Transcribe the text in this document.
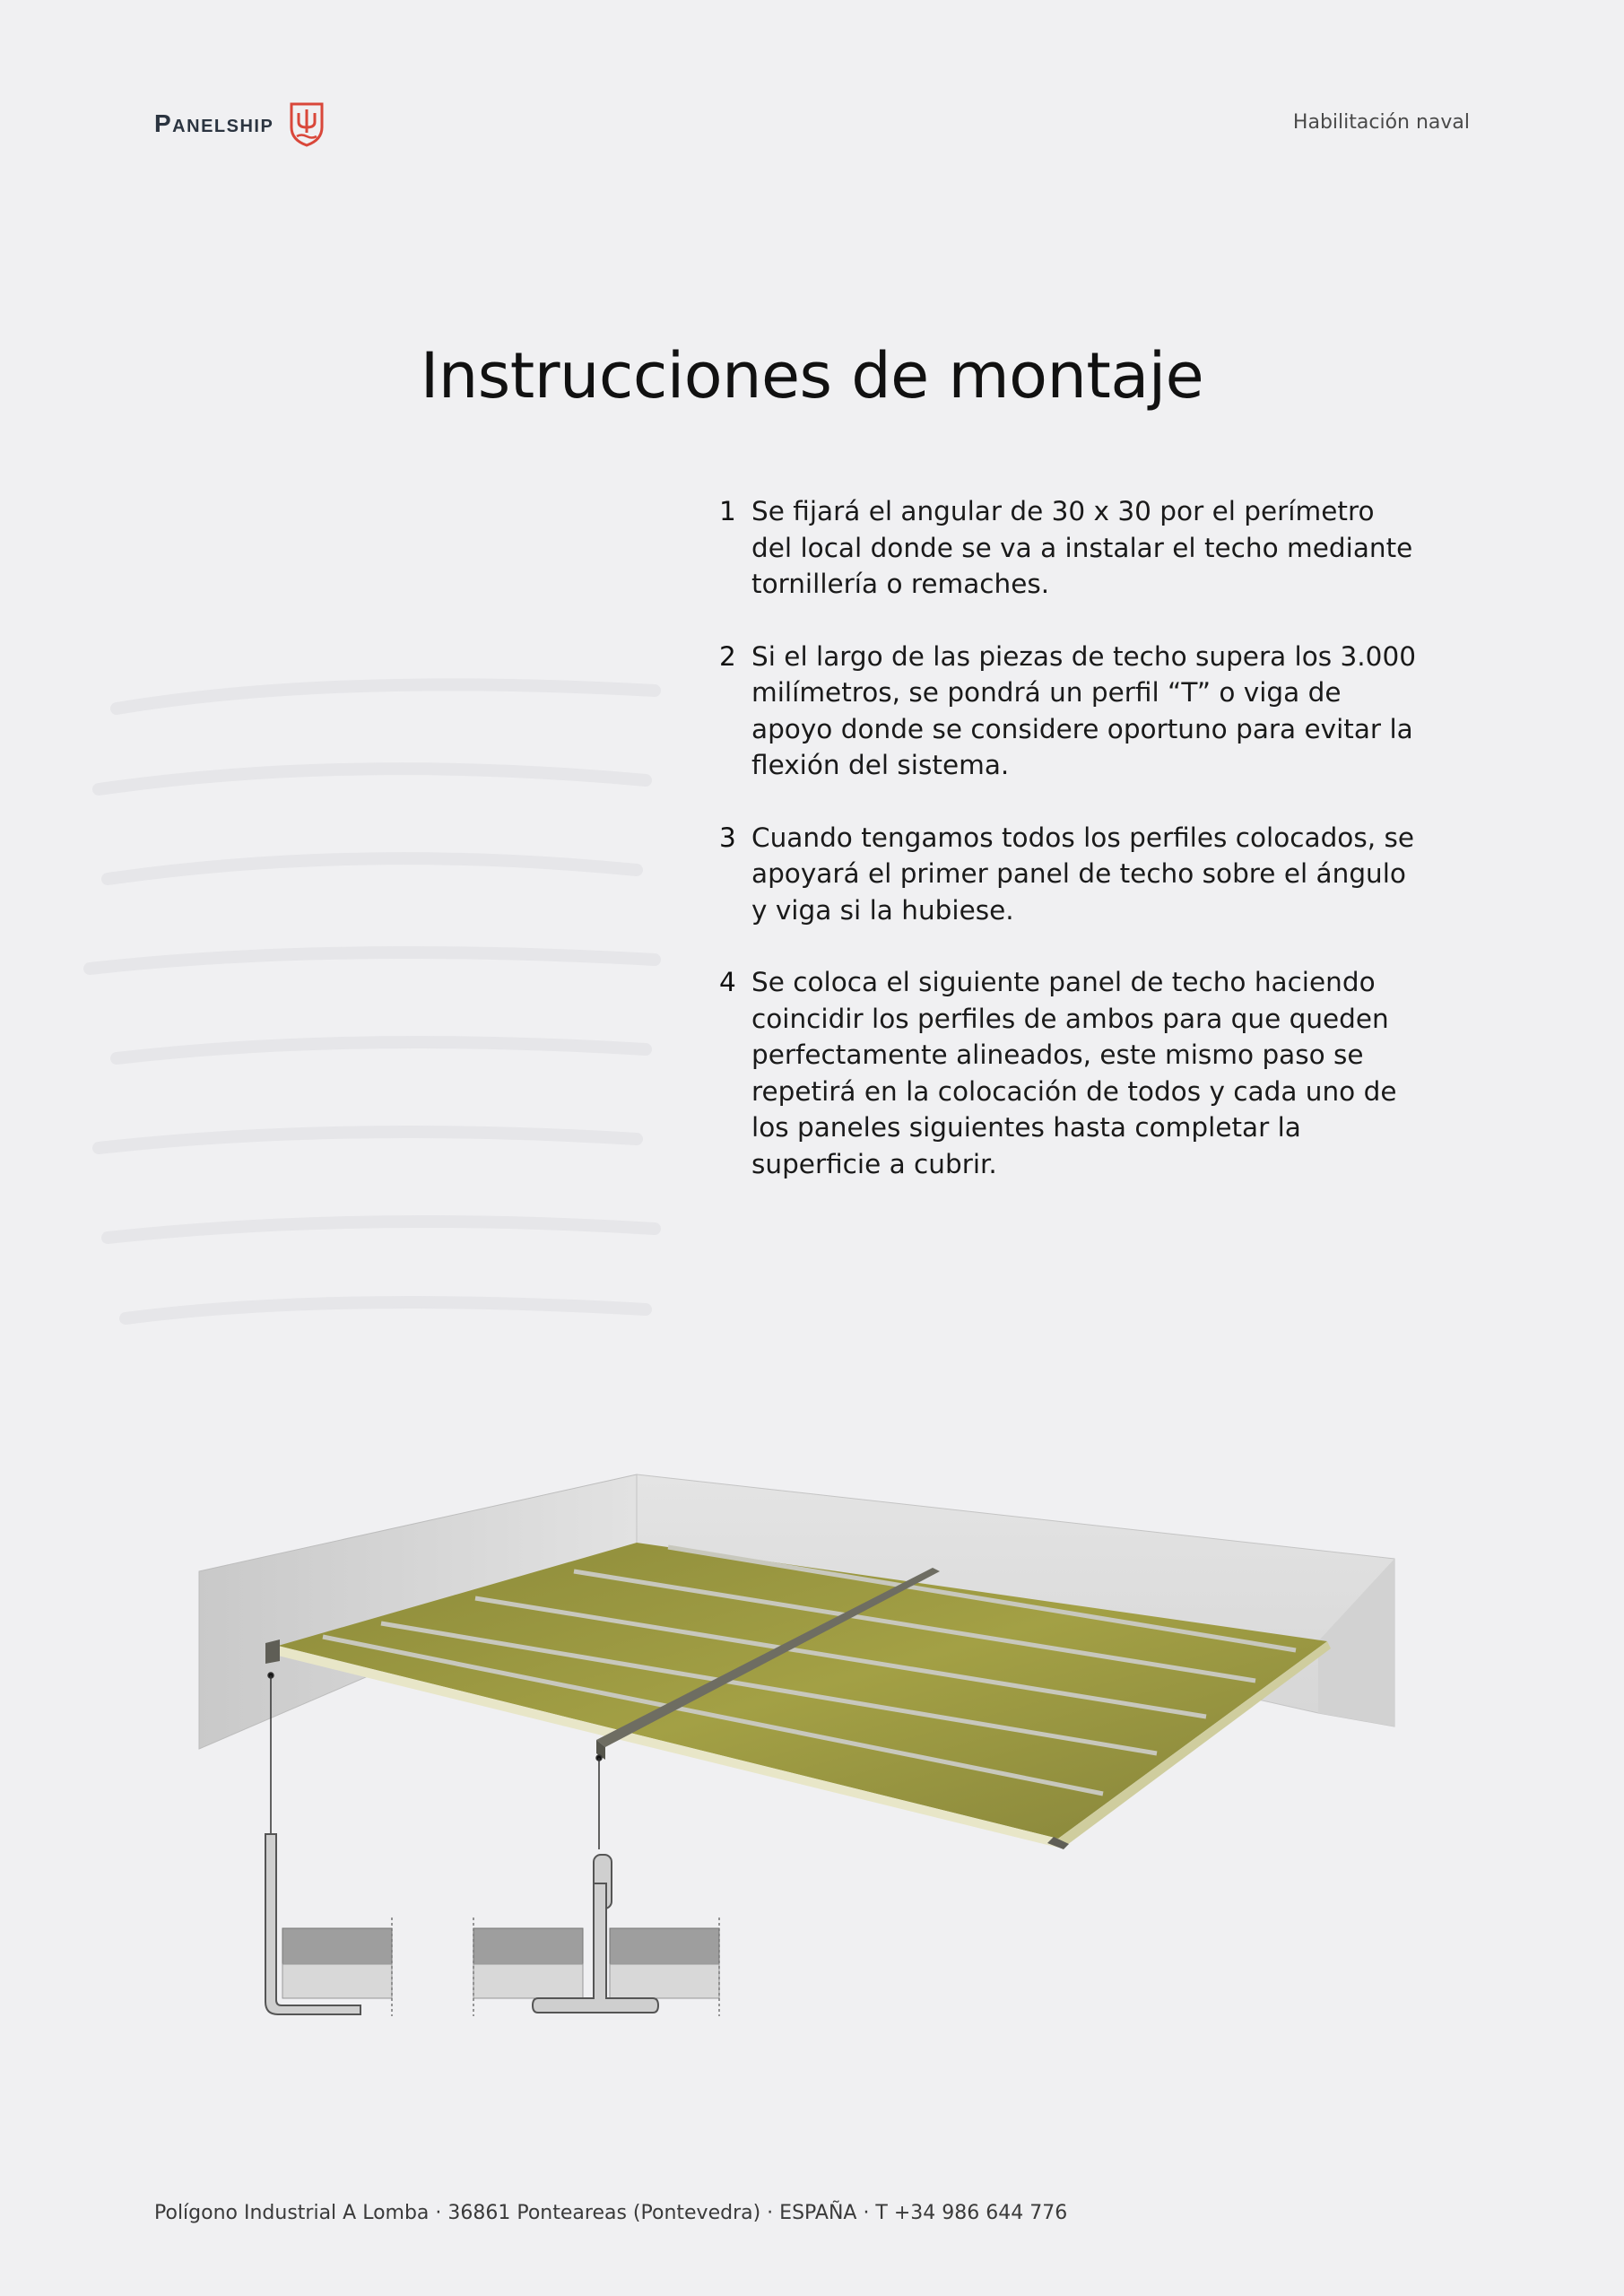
Panelship	Habilitación naval
Instrucciones de montaje
1 Se fijará el angular de 30 x 30 por el perímetro del local donde se va a instalar el techo mediante tornillería o remaches.
2 Si el largo de las piezas de techo supera los 3.000 milímetros, se pondrá un perfil “T” o viga de apoyo donde se considere oportuno para evitar la flexión del sistema.
3 Cuando tengamos todos los perfiles colocados, se apoyará el primer panel de techo sobre el ángulo y viga si la hubiese.
4 Se coloca el siguiente panel de techo haciendo coincidir los perfiles de ambos para que queden perfectamente alineados, este mismo paso se repetirá en la colocación de todos y cada uno de los paneles siguientes hasta completar la superficie a cubrir.
Polígono Industrial A Lomba · 36861 Ponteareas (Pontevedra) · ESPAÑA · T +34 986 644 776
